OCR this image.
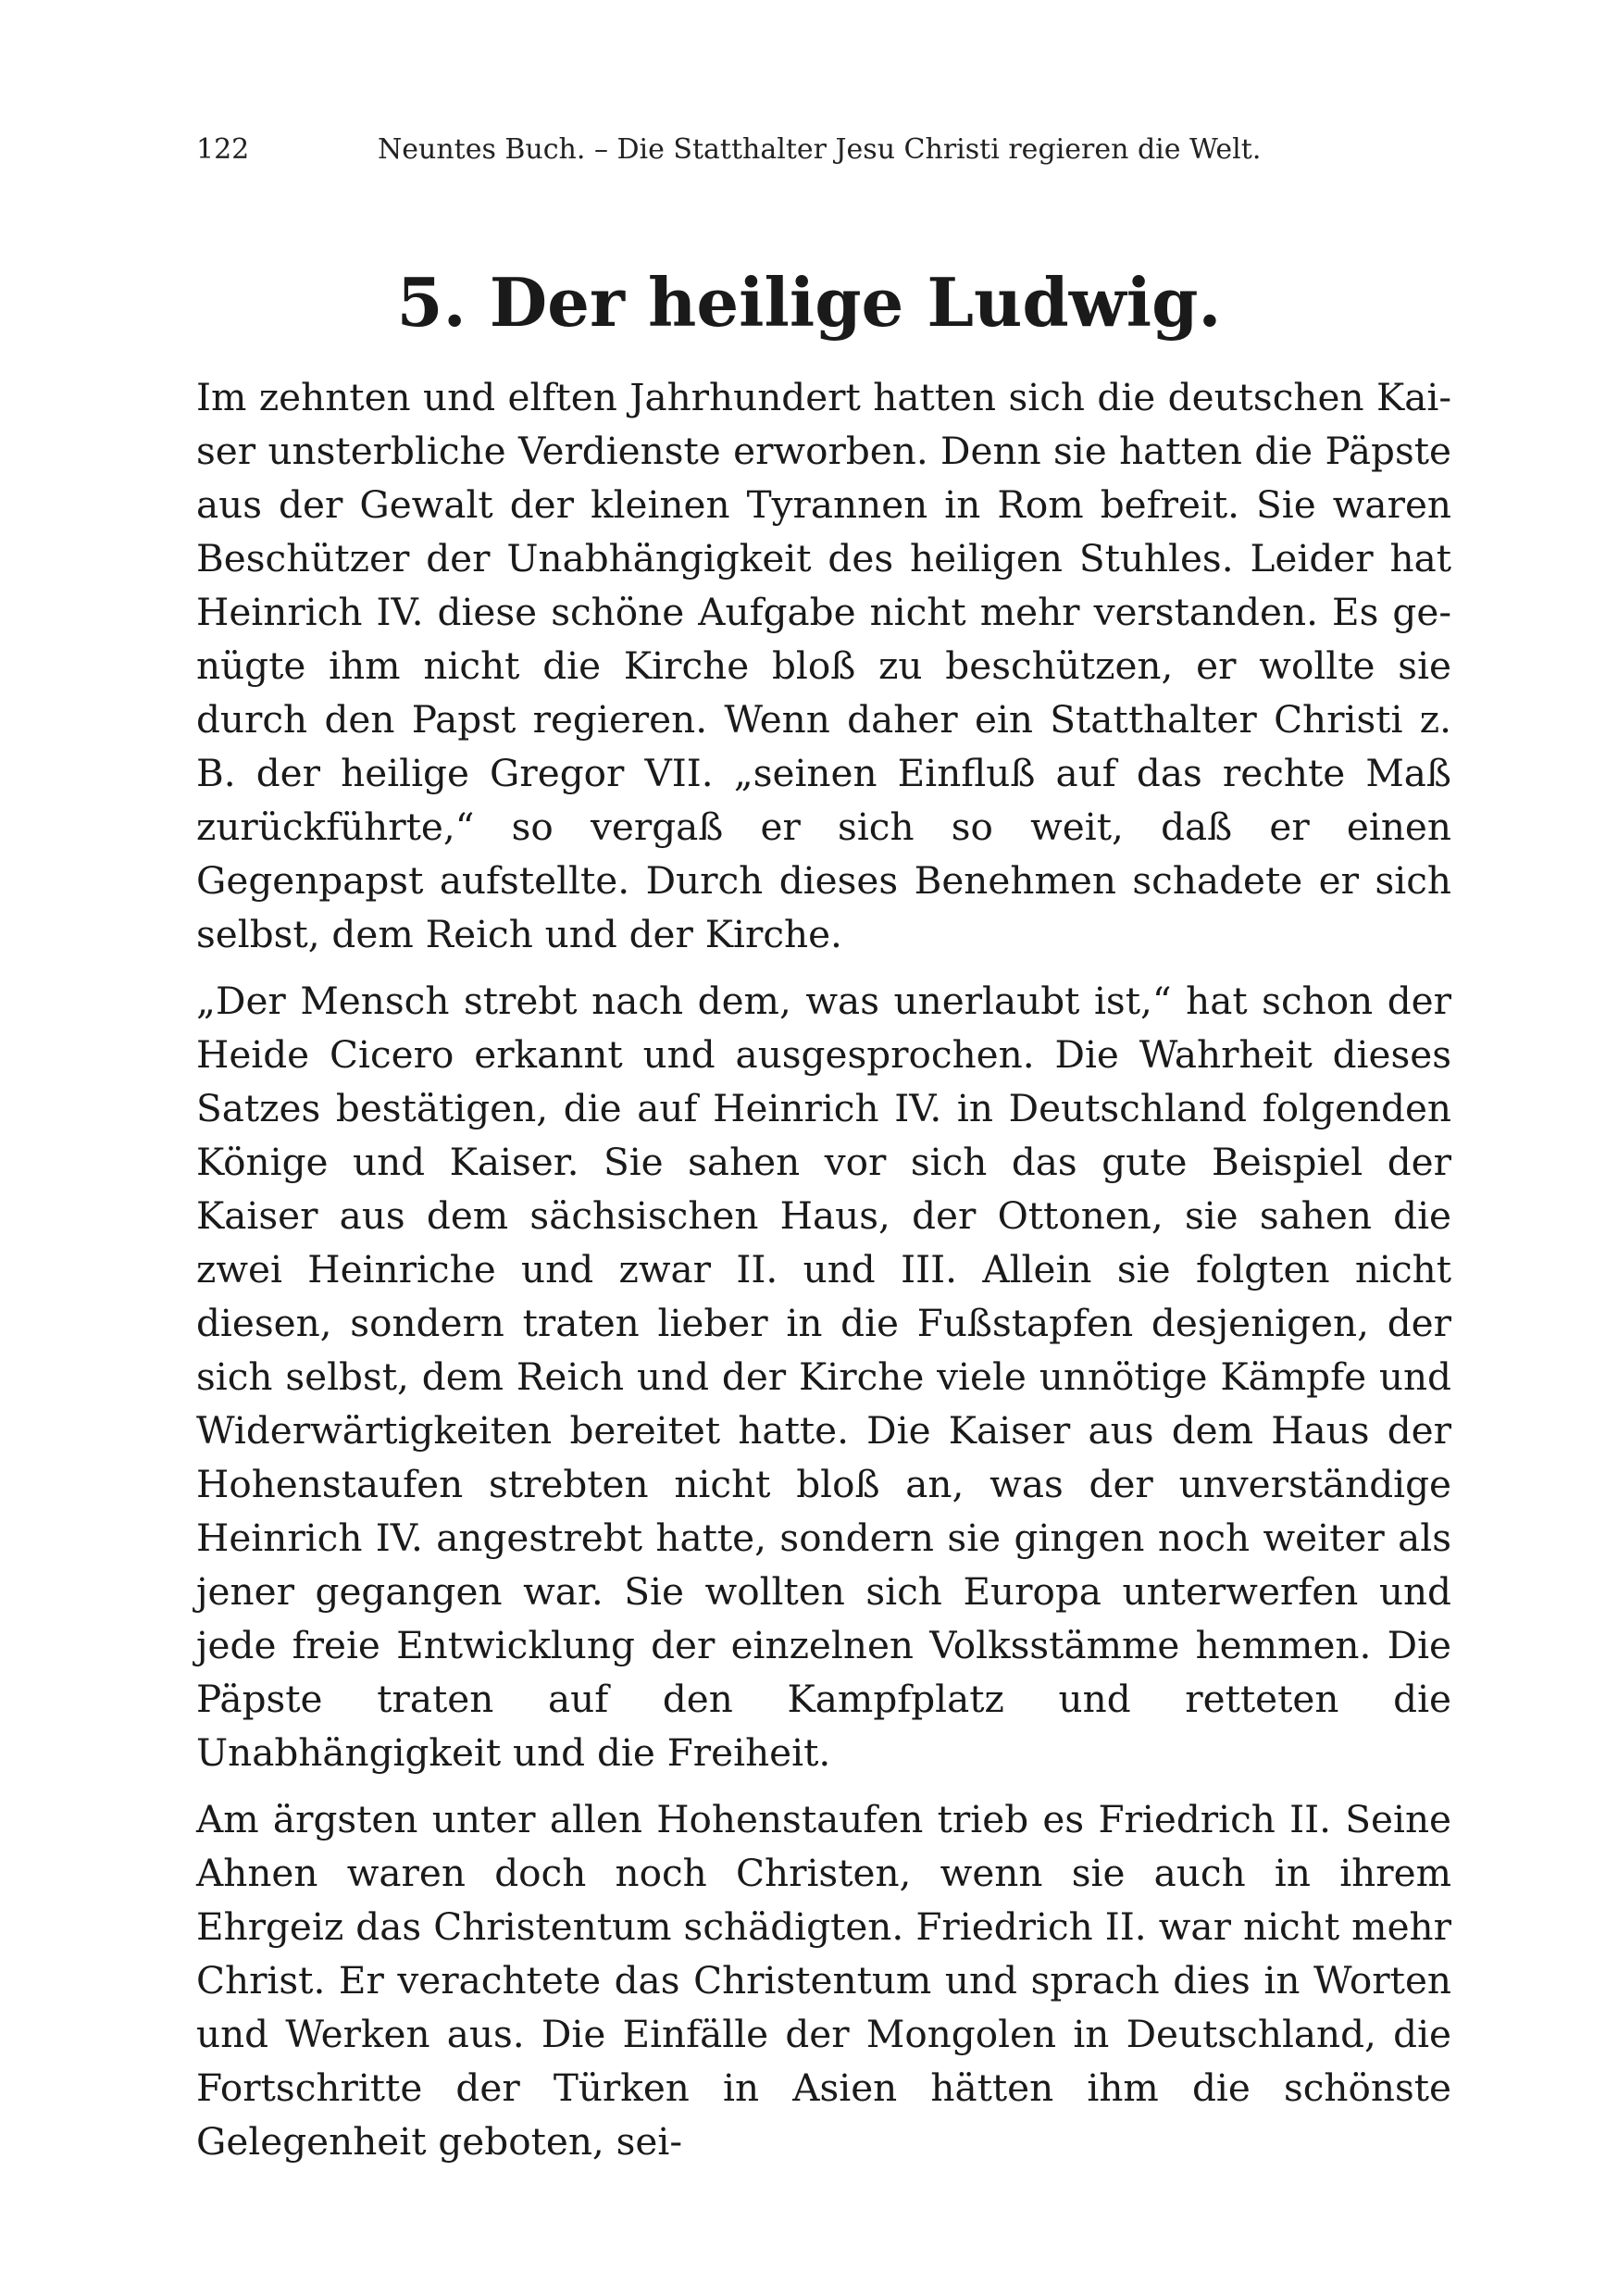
122	Neuntes Buch. – Die Statthalter Jesu Christi regieren die Welt.
5. Der heilige Ludwig.

Im zehnten und elften Jahrhundert hatten sich die deutschen Kaiser unsterbliche Verdienste erworben. Denn sie hatten die Päpste aus der Gewalt der kleinen Tyrannen in Rom befreit. Sie waren Beschützer der Unabhängigkeit des heiligen Stuhles. Leider hat Heinrich IV. diese schöne Aufgabe nicht mehr verstanden. Es genügte ihm nicht die Kirche bloß zu beschützen, er wollte sie durch den Papst regieren. Wenn daher ein Statthalter Christi z. B. der heilige Gregor VII. „seinen Einfluß auf das rechte Maß zurückführte,“ so vergaß er sich so weit, daß er einen Gegenpapst aufstellte. Durch dieses Benehmen schadete er sich selbst, dem Reich und der Kirche.

„Der Mensch strebt nach dem, was unerlaubt ist,“ hat schon der Heide Cicero erkannt und ausgesprochen. Die Wahrheit dieses Satzes bestätigen, die auf Heinrich IV. in Deutschland folgenden Könige und Kaiser. Sie sahen vor sich das gute Beispiel der Kaiser aus dem sächsischen Haus, der Ottonen, sie sahen die zwei Heinriche und zwar II. und III. Allein sie folgten nicht diesen, sondern traten lieber in die Fußstapfen desjenigen, der sich selbst, dem Reich und der Kirche viele unnötige Kämpfe und Widerwärtigkeiten bereitet hatte. Die Kaiser aus dem Haus der Hohenstaufen strebten nicht bloß an, was der unverständige Heinrich IV. angestrebt hatte, sondern sie gingen noch weiter als jener gegangen war. Sie wollten sich Europa unterwerfen und jede freie Entwicklung der einzelnen Volksstämme hemmen. Die Päpste traten auf den Kampfplatz und retteten die Unabhängigkeit und die Freiheit.

Am ärgsten unter allen Hohenstaufen trieb es Friedrich II. Seine Ahnen waren doch noch Christen, wenn sie auch in ihrem Ehrgeiz das Christentum schädigten. Friedrich II. war nicht mehr Christ. Er verachtete das Christentum und sprach dies in Worten und Werken aus. Die Einfälle der Mongolen in Deutschland, die Fortschritte der Türken in Asien hätten ihm die schönste Gelegenheit geboten, sei-
